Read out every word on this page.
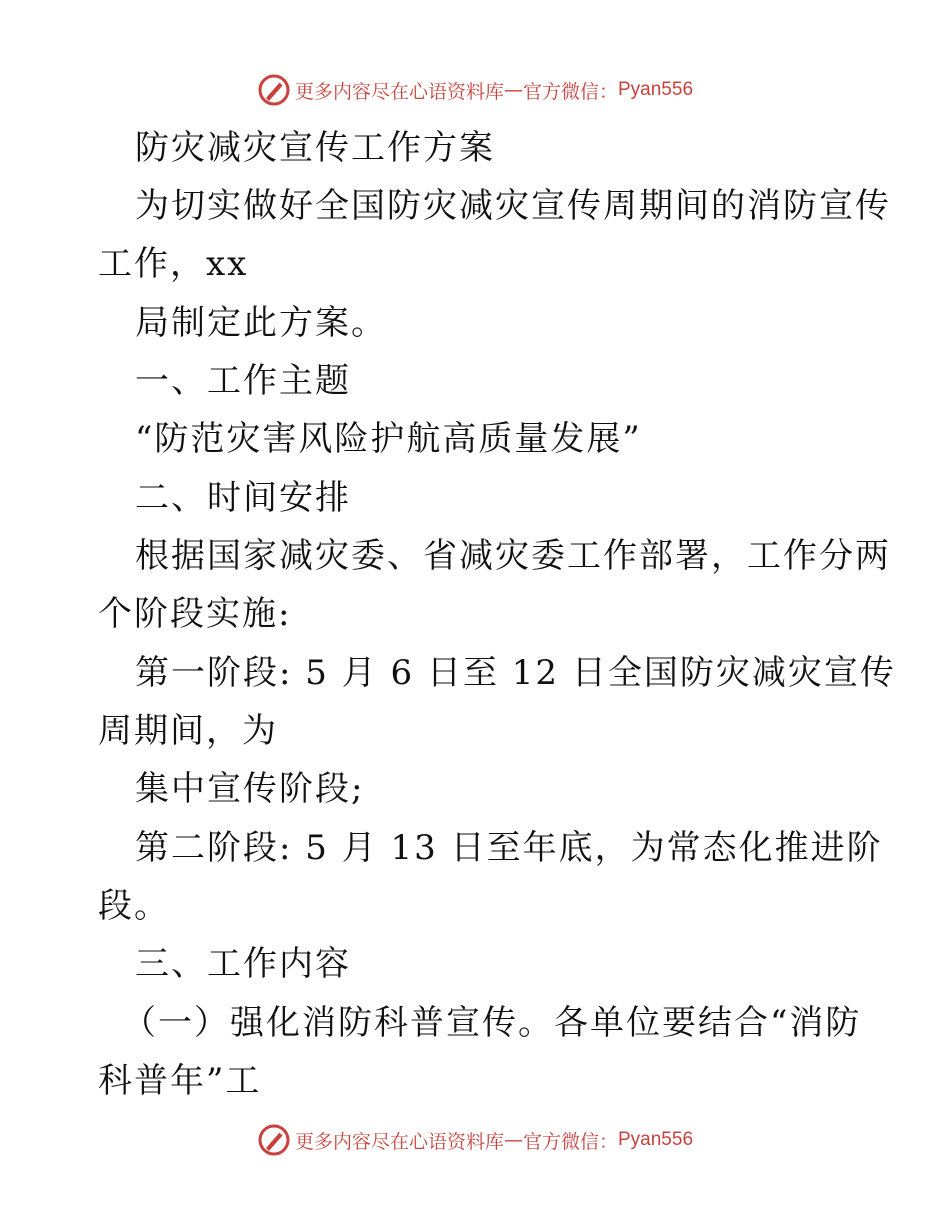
更多内容尽在心语资料库 — 官方微信： Pyan556
防灾减灾宣传工作方案
为切实做好全国防灾减灾宣传周期间的消防宣传
工作，xx
局制定此方案。
一、工作主题
“防范灾害风险护航高质量发展”
二、时间安排
根据国家减灾委、省减灾委工作部署，工作分两
个阶段实施:
第一阶段: 5 月 6 日至 12 日全国防灾减灾宣传
周期间，为
集中宣传阶段;
第二阶段: 5 月 13 日至年底，为常态化推进阶
段。
三、工作内容
（一）强化消防科普宣传。各单位要结合“消防
科普年”工
更多内容尽在心语资料库 — 官方微信： Pyan556
